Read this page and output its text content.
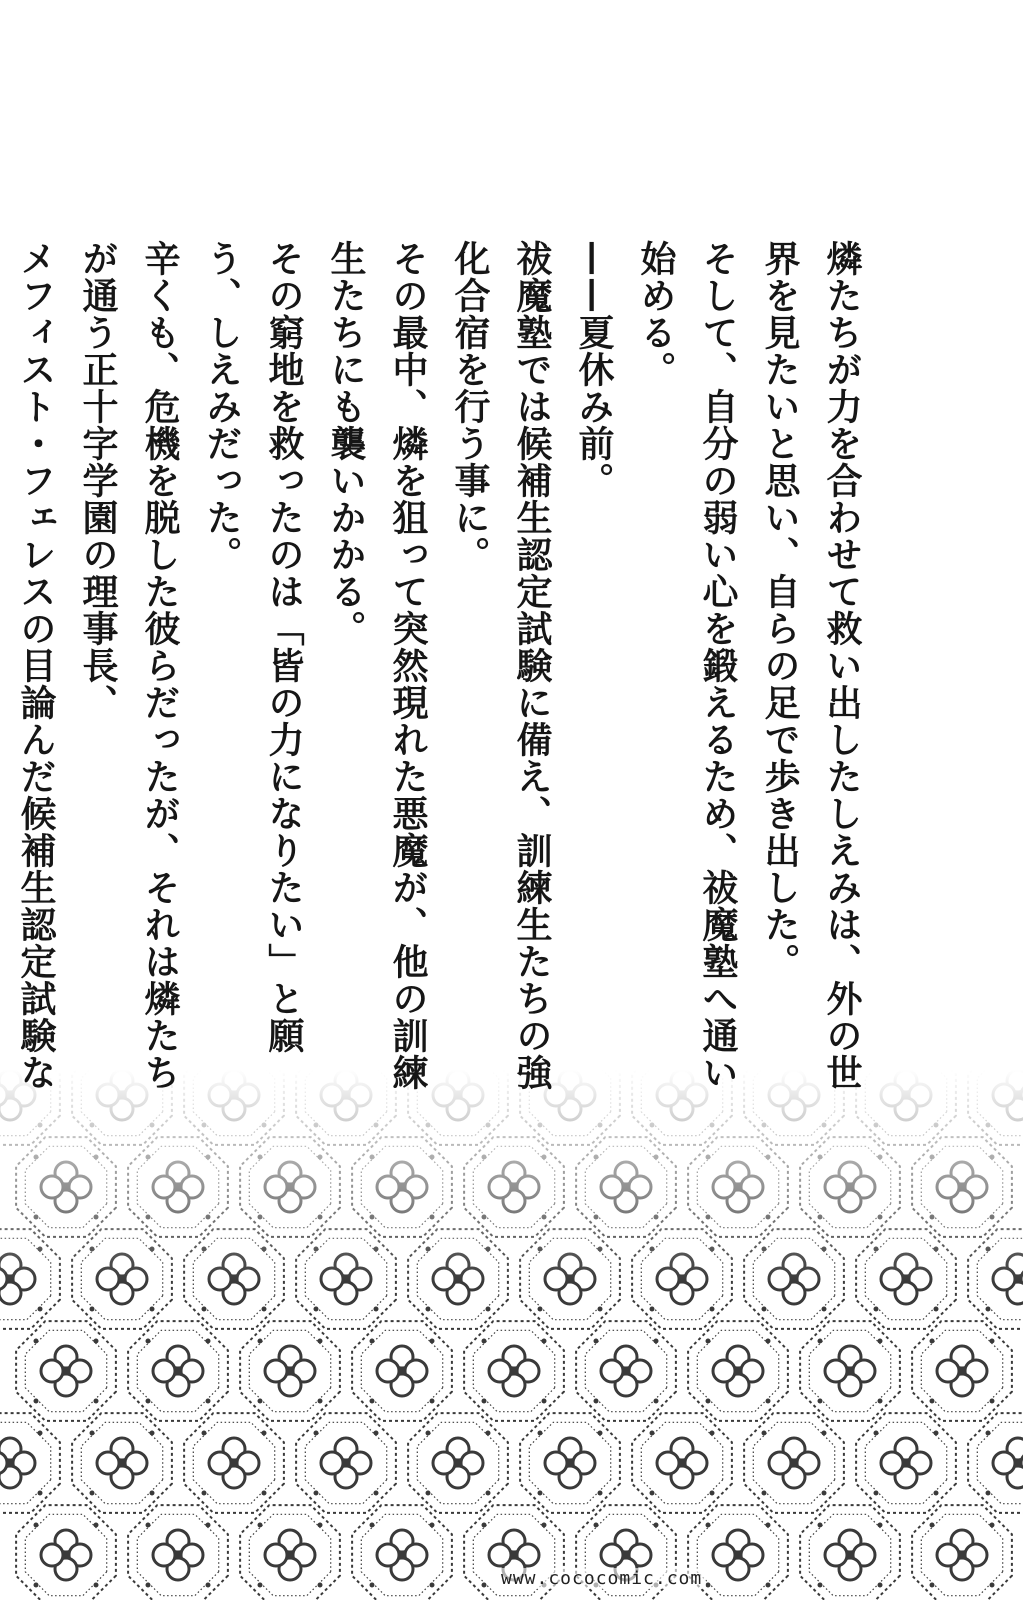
燐たちが力を合わせて救い出したしえみは、外の世界を見たいと思い、自らの足で歩き出した。

そして、自分の弱い心を鍛えるため、祓魔塾へ通い始める。

——夏休み前。

祓魔塾では候補生認定試験に備え、訓練生たちの強化合宿を行う事に。

その最中、燐を狙って突然現れた悪魔が、他の訓練生たちにも襲いかかる。

その窮地を救ったのは「皆の力になりたい」と願う、しえみだった。

辛くも、危機を脱した彼らだったが、それは燐たちが通う正十字学園の理事長、

メフィスト・フェレスの目論んだ候補生認定試験な

www.cococomic.com
